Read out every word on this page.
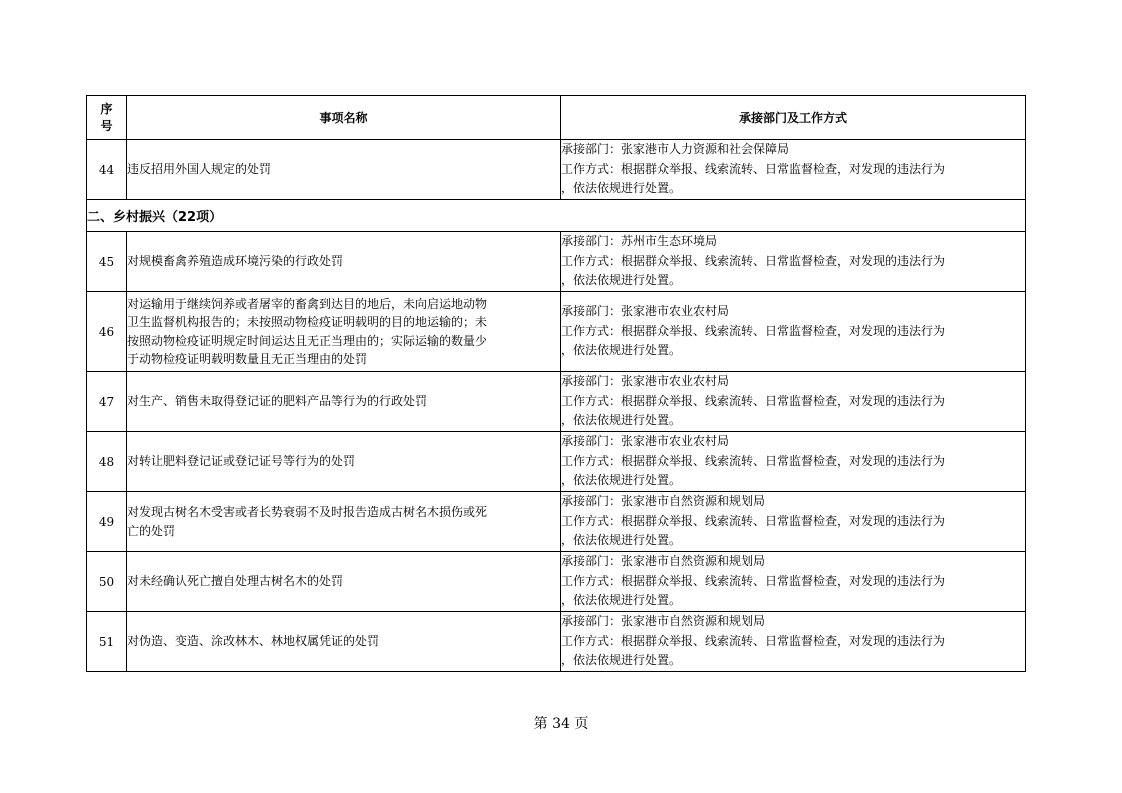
序
号	事项名称	承接部门及工作方式
44	违反招用外国人规定的处罚	承接部门：张家港市人力资源和社会保障局
工作方式：根据群众举报、线索流转、日常监督检查，对发现的违法行为
，依法依规进行处置。

二、乡村振兴（22项）		
45	对规模畜禽养殖造成环境污染的行政处罚	承接部门：苏州市生态环境局
工作方式：根据群众举报、线索流转、日常监督检查，对发现的违法行为
，依法依规进行处置。

46	对运输用于继续饲养或者屠宰的畜禽到达目的地后，未向启运地动物
卫生监督机构报告的；未按照动物检疫证明载明的目的地运输的；未
按照动物检疫证明规定时间运达且无正当理由的；实际运输的数量少
于动物检疫证明载明数量且无正当理由的处罚	承接部门：张家港市农业农村局
工作方式：根据群众举报、线索流转、日常监督检查，对发现的违法行为
，依法依规进行处置。

47	对生产、销售未取得登记证的肥料产品等行为的行政处罚	承接部门：张家港市农业农村局
工作方式：根据群众举报、线索流转、日常监督检查，对发现的违法行为
，依法依规进行处置。

48	对转让肥料登记证或登记证号等行为的处罚	承接部门：张家港市农业农村局
工作方式：根据群众举报、线索流转、日常监督检查，对发现的违法行为
，依法依规进行处置。

49	对发现古树名木受害或者长势衰弱不及时报告造成古树名木损伤或死
亡的处罚	承接部门：张家港市自然资源和规划局
工作方式：根据群众举报、线索流转、日常监督检查，对发现的违法行为
，依法依规进行处置。

50	对未经确认死亡擅自处理古树名木的处罚	承接部门：张家港市自然资源和规划局
工作方式：根据群众举报、线索流转、日常监督检查，对发现的违法行为
，依法依规进行处置。

51	对伪造、变造、涂改林木、林地权属凭证的处罚	承接部门：张家港市自然资源和规划局
工作方式：根据群众举报、线索流转、日常监督检查，对发现的违法行为
，依法依规进行处置。
第 34 页
